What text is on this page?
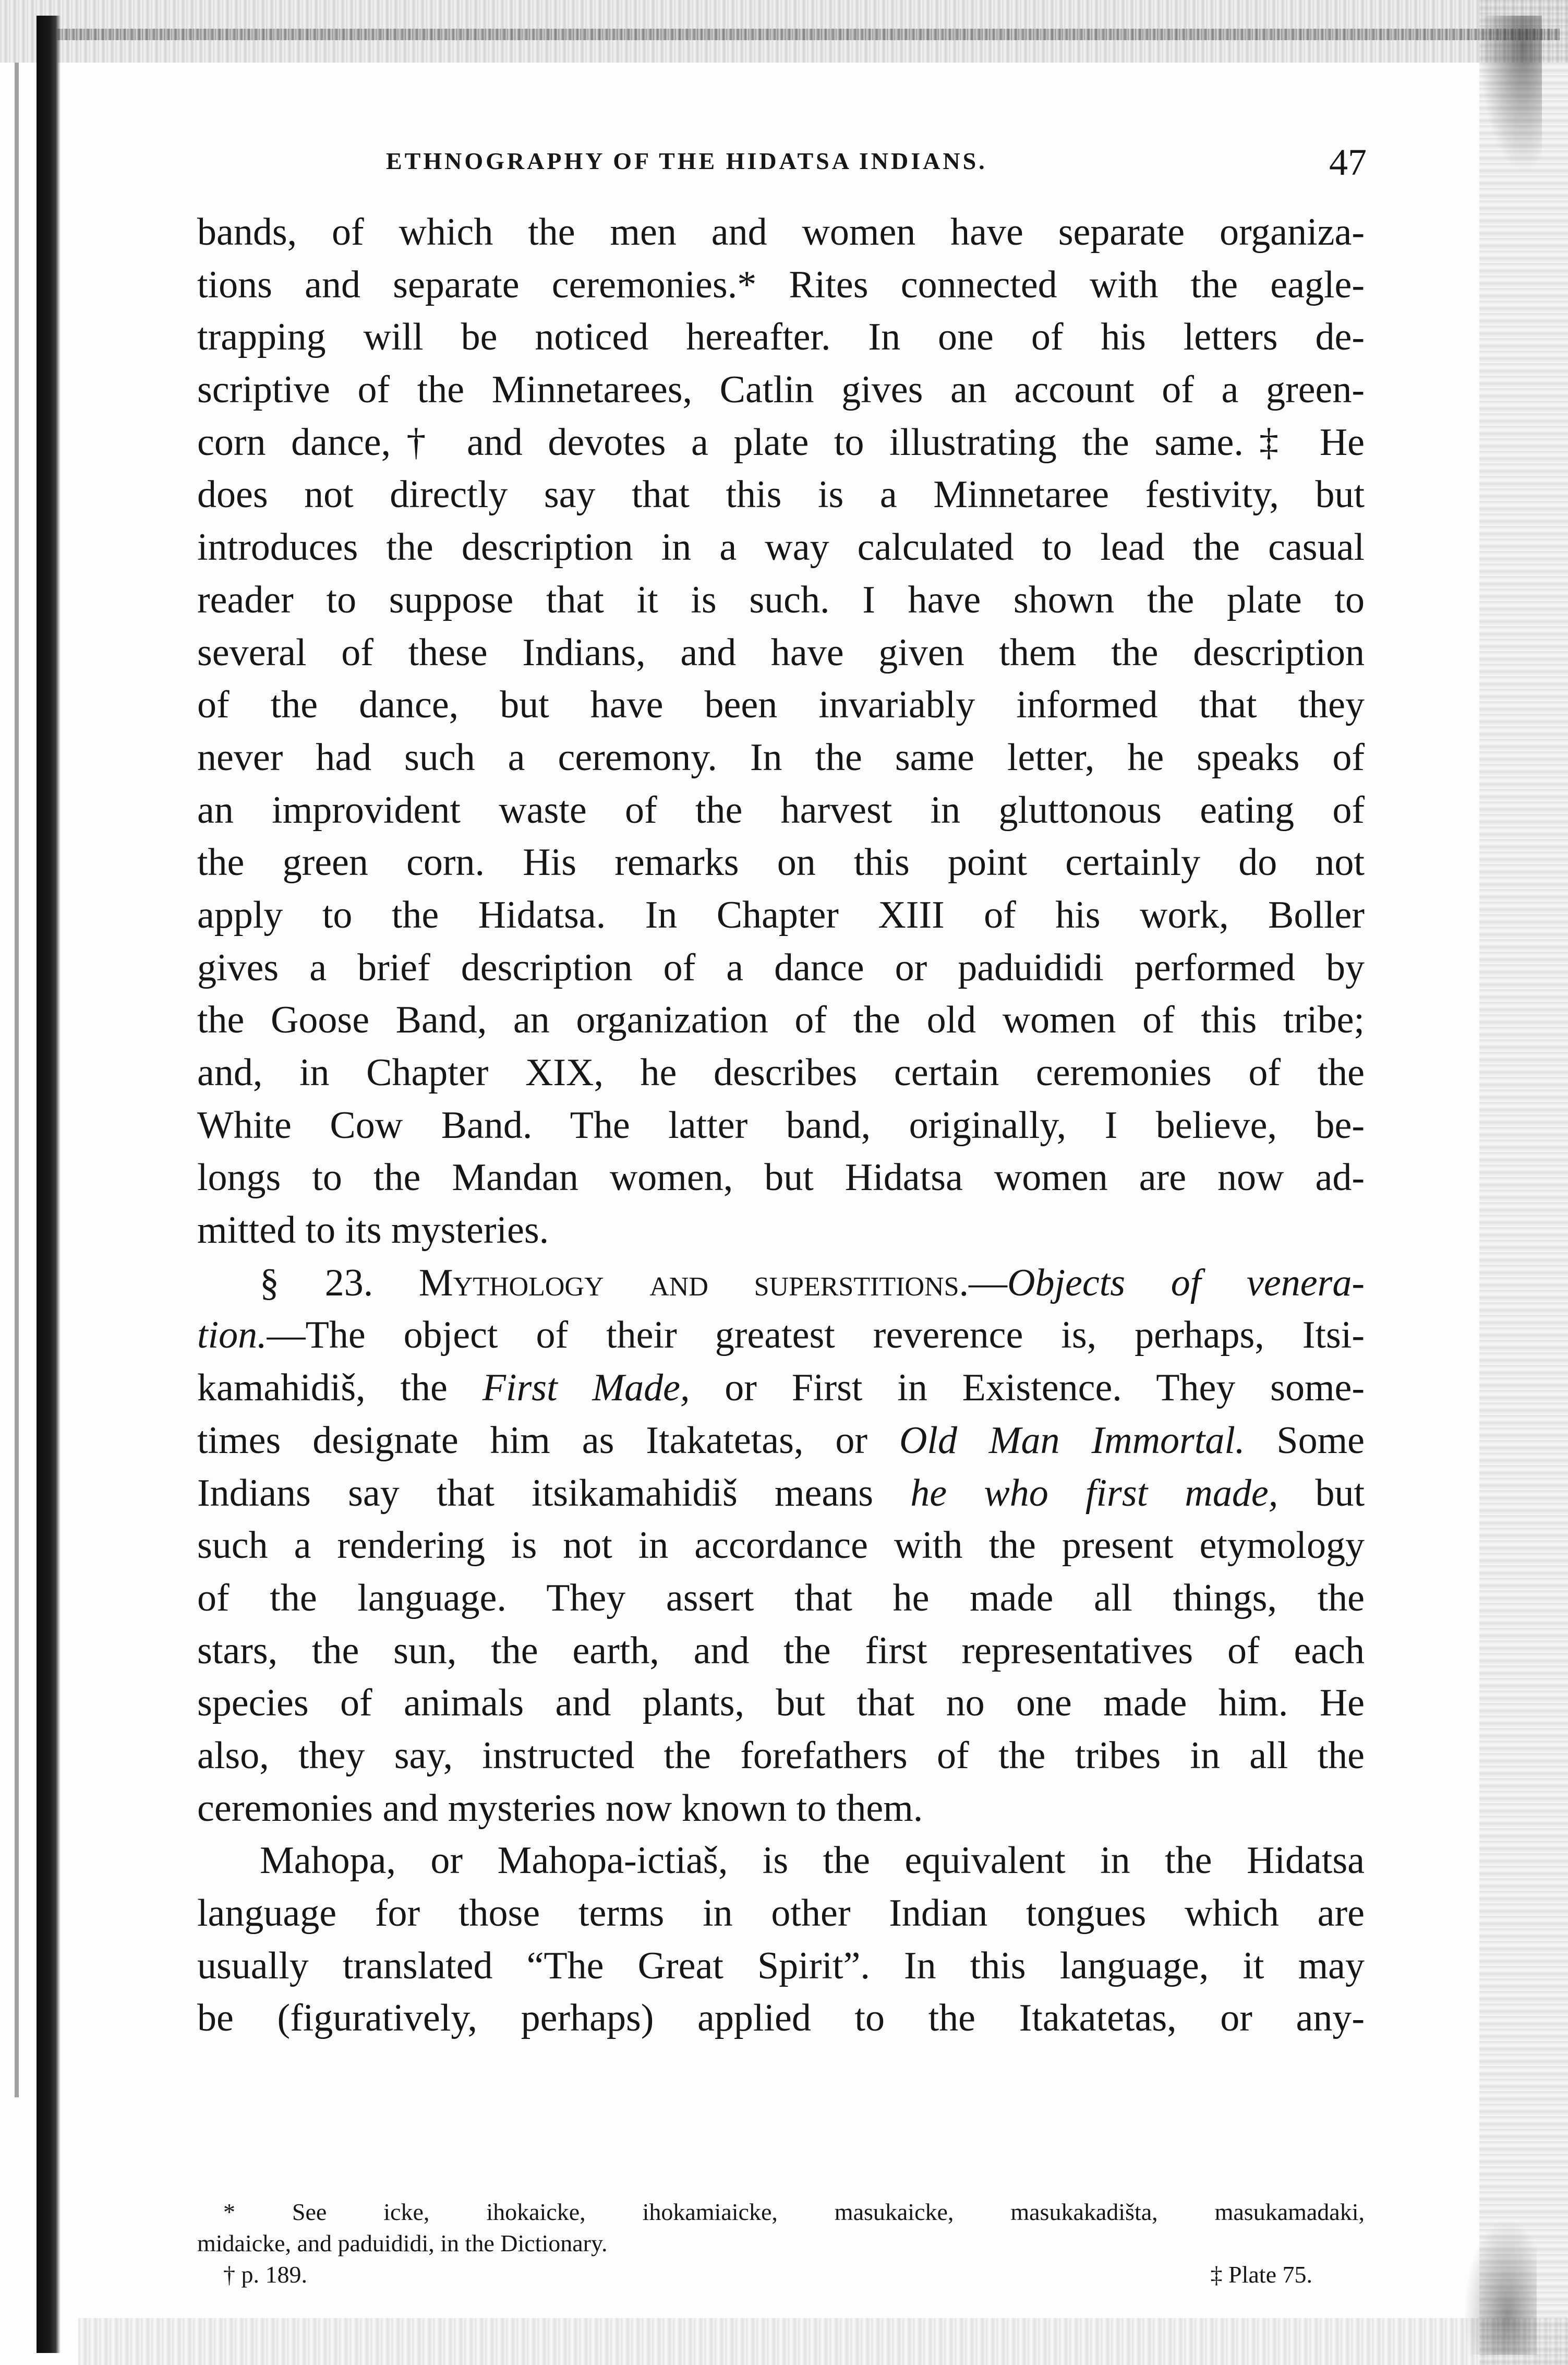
ETHNOGRAPHY OF THE HIDATSA INDIANS.	47
bands, of which the men and women have separate organiza-
tions and separate ceremonies.* Rites connected with the eagle-
trapping will be noticed hereafter. In one of his letters de-
scriptive of the Minnetarees, Catlin gives an account of a green-
corn dance,† and devotes a plate to illustrating the same.‡ He
does not directly say that this is a Minnetaree festivity, but
introduces the description in a way calculated to lead the casual
reader to suppose that it is such. I have shown the plate to
several of these Indians, and have given them the description
of the dance, but have been invariably informed that they
never had such a ceremony. In the same letter, he speaks of
an improvident waste of the harvest in gluttonous eating of
the green corn. His remarks on this point certainly do not
apply to the Hidatsa. In Chapter XIII of his work, Boller
gives a brief description of a dance or paduididi performed by
the Goose Band, an organization of the old women of this tribe;
and, in Chapter XIX, he describes certain ceremonies of the
White Cow Band. The latter band, originally, I believe, be-
longs to the Mandan women, but Hidatsa women are now ad-
mitted to its mysteries.
§ 23. Mythology and superstitions.—Objects of venera-
tion.—The object of their greatest reverence is, perhaps, Itsi-
kamahidiš, the First Made, or First in Existence. They some-
times designate him as Itakatetas, or Old Man Immortal. Some
Indians say that itsikamahidiš means he who first made, but
such a rendering is not in accordance with the present etymology
of the language. They assert that he made all things, the
stars, the sun, the earth, and the first representatives of each
species of animals and plants, but that no one made him. He
also, they say, instructed the forefathers of the tribes in all the
ceremonies and mysteries now known to them.
Mahopa, or Mahopa-ictiaš, is the equivalent in the Hidatsa
language for those terms in other Indian tongues which are
usually translated “The Great Spirit”. In this language, it may
be (figuratively, perhaps) applied to the Itakatetas, or any-
* See icke, ihokaicke, ihokamiaicke, masukaicke, masukakadišta, masukamadaki,
midaicke, and paduididi, in the Dictionary.
† p. 189.	‡ Plate 75.
